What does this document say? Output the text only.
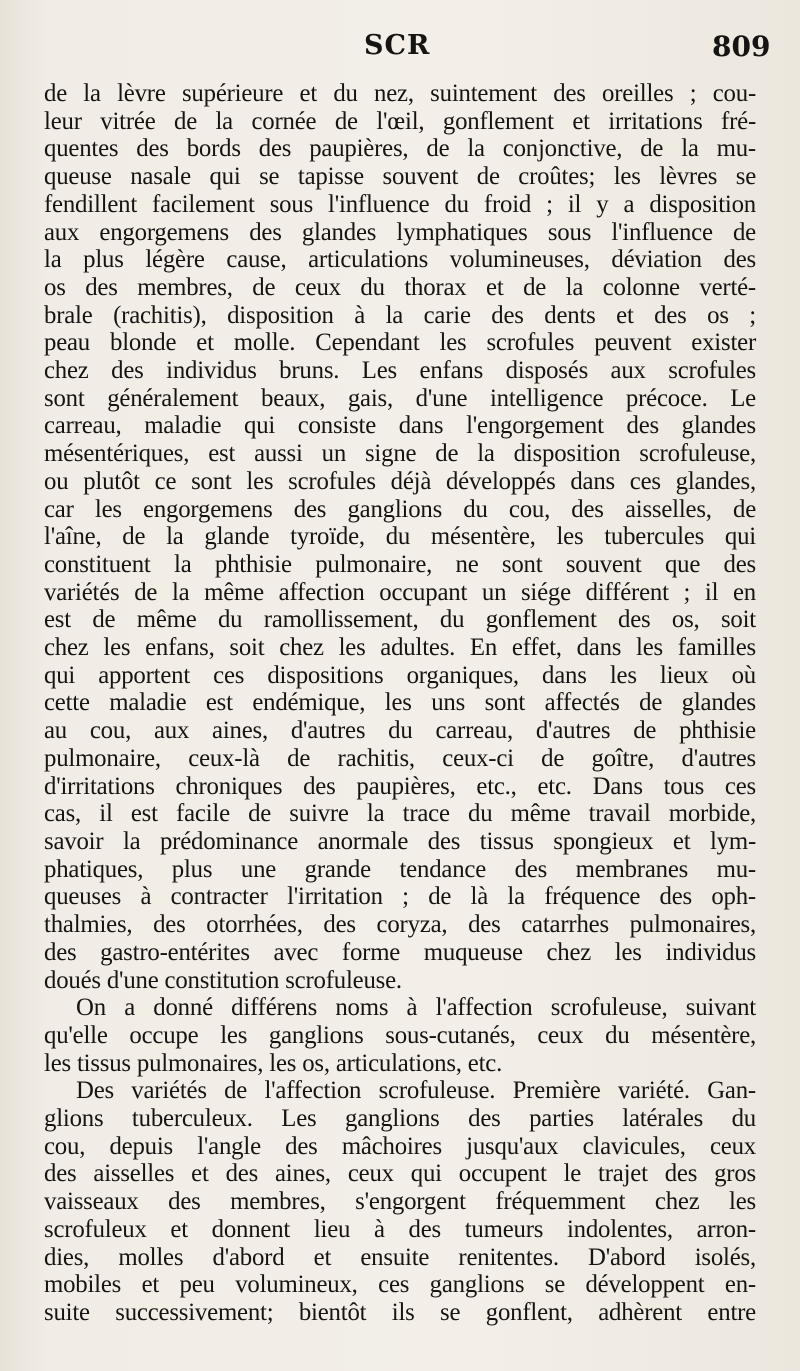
SCR	809
de la lèvre supérieure et du nez, suintement des oreilles ; cou-
leur vitrée de la cornée de l'œil, gonflement et irritations fré-
quentes des bords des paupières, de la conjonctive, de la mu-
queuse nasale qui se tapisse souvent de croûtes; les lèvres se
fendillent facilement sous l'influence du froid ; il y a disposition
aux engorgemens des glandes lymphatiques sous l'influence de
la plus légère cause, articulations volumineuses, déviation des
os des membres, de ceux du thorax et de la colonne verté-
brale (rachitis), disposition à la carie des dents et des os ;
peau blonde et molle. Cependant les scrofules peuvent exister
chez des individus bruns. Les enfans disposés aux scrofules
sont généralement beaux, gais, d'une intelligence précoce. Le
carreau, maladie qui consiste dans l'engorgement des glandes
mésentériques, est aussi un signe de la disposition scrofuleuse,
ou plutôt ce sont les scrofules déjà développés dans ces glandes,
car les engorgemens des ganglions du cou, des aisselles, de
l'aîne, de la glande tyroïde, du mésentère, les tubercules qui
constituent la phthisie pulmonaire, ne sont souvent que des
variétés de la même affection occupant un siége différent ; il en
est de même du ramollissement, du gonflement des os, soit
chez les enfans, soit chez les adultes. En effet, dans les familles
qui apportent ces dispositions organiques, dans les lieux où
cette maladie est endémique, les uns sont affectés de glandes
au cou, aux aines, d'autres du carreau, d'autres de phthisie
pulmonaire, ceux-là de rachitis, ceux-ci de goître, d'autres
d'irritations chroniques des paupières, etc., etc. Dans tous ces
cas, il est facile de suivre la trace du même travail morbide,
savoir la prédominance anormale des tissus spongieux et lym-
phatiques, plus une grande tendance des membranes mu-
queuses à contracter l'irritation ; de là la fréquence des oph-
thalmies, des otorrhées, des coryza, des catarrhes pulmonaires,
des gastro-entérites avec forme muqueuse chez les individus
doués d'une constitution scrofuleuse.
On a donné différens noms à l'affection scrofuleuse, suivant
qu'elle occupe les ganglions sous-cutanés, ceux du mésentère,
les tissus pulmonaires, les os, articulations, etc.
Des variétés de l'affection scrofuleuse. Première variété. Gan-
glions tuberculeux. Les ganglions des parties latérales du
cou, depuis l'angle des mâchoires jusqu'aux clavicules, ceux
des aisselles et des aines, ceux qui occupent le trajet des gros
vaisseaux des membres, s'engorgent fréquemment chez les
scrofuleux et donnent lieu à des tumeurs indolentes, arron-
dies, molles d'abord et ensuite renitentes. D'abord isolés,
mobiles et peu volumineux, ces ganglions se développent en-
suite successivement; bientôt ils se gonflent, adhèrent entre
